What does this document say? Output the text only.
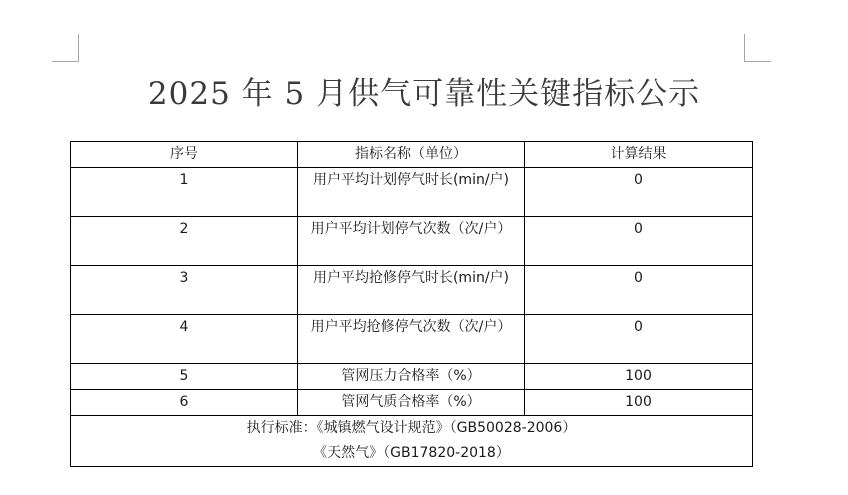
2025 年 5 月供气可靠性关键指标公示
序号	指标名称（单位）	计算结果
1	用户平均计划停气时长(min/户)	0
2	用户平均计划停气次数（次/户）	0
3	用户平均抢修停气时长(min/户)	0
4	用户平均抢修停气次数（次/户）	0
5	管网压力合格率（%）	100
6	管网气质合格率（%）	100

执行标准：《城镇燃气设计规范》（GB50028-2006）
《天然气》（GB17820-2018）		
